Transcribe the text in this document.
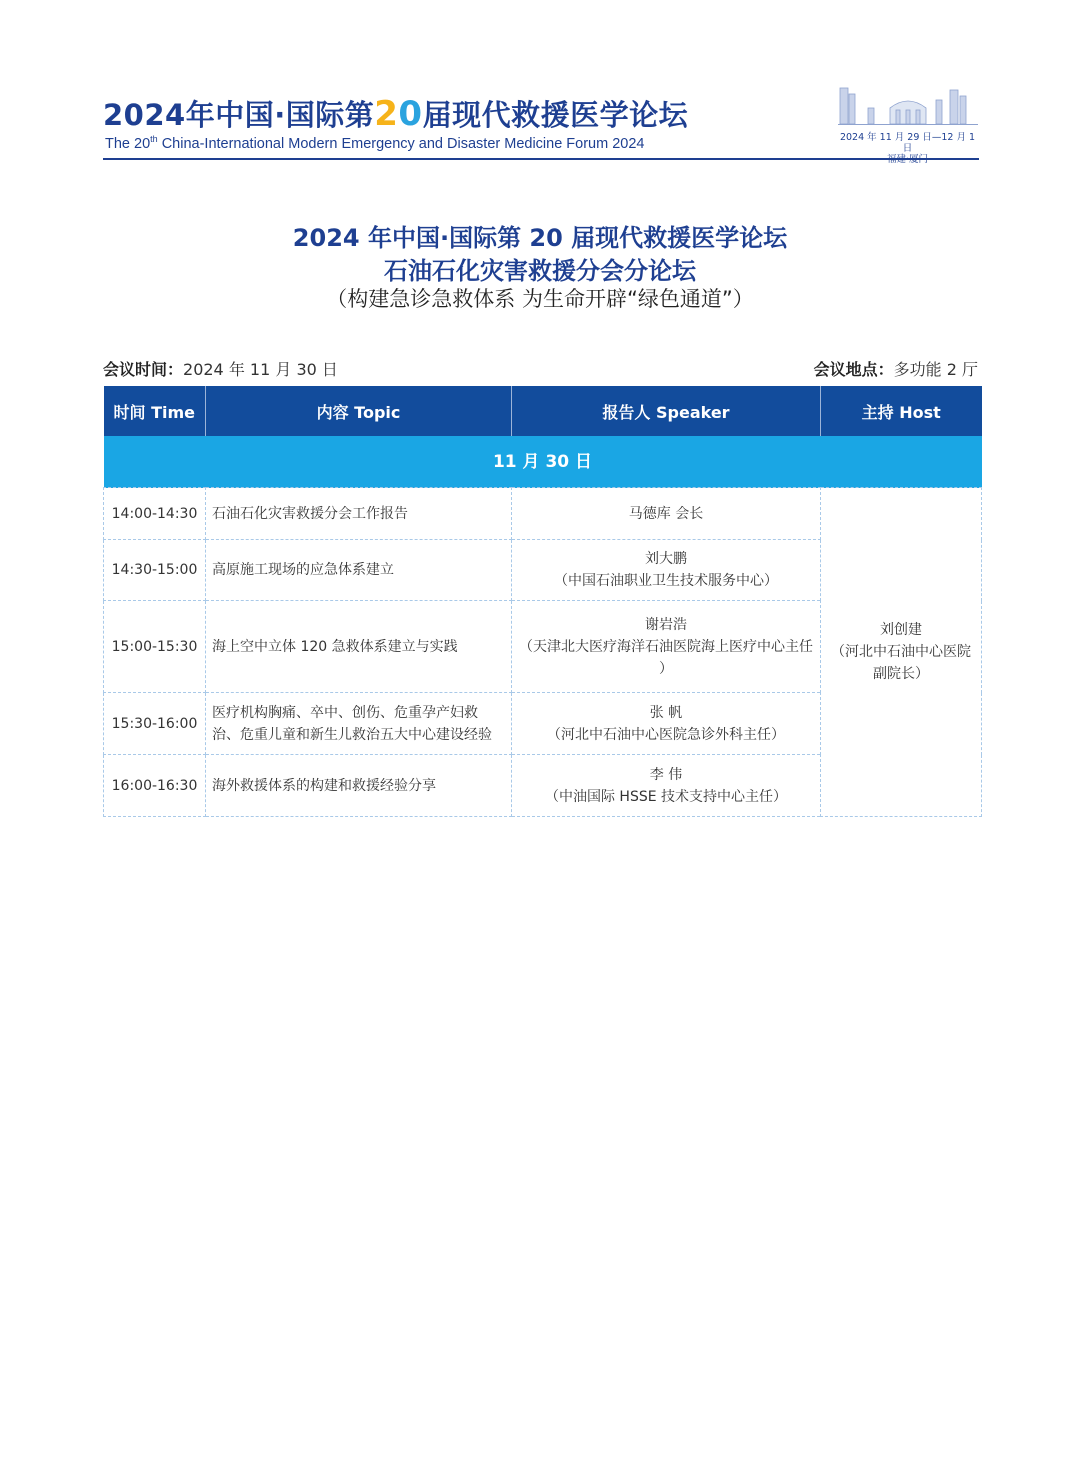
2024年中国·国际第20届现代救援医学论坛
The 20th China-International Modern Emergency and Disaster Medicine Forum 2024	2024 年 11 月 29 日—12 月 1 日
2024 年中国·国际第 20 届现代救援医学论坛
石油石化灾害救援分会分论坛
（构建急诊急救体系 为生命开辟“绿色通道”）
会议时间：2024 年 11 月 30 日	会议地点：多功能 2 厅
时间 Time	内容 Topic	报告人 Speaker	主持 Host
11 月 30 日			
14:00-14:30	石油石化灾害救援分会工作报告	马德库 会长	刘创建
（河北中石油中心医院
副院长）

14:30-15:00	高原施工现场的应急体系建立	刘大鹏
（中国石油职业卫生技术服务中心）	

15:00-15:30	海上空中立体 120 急救体系建立与实践	谢岩浩
（天津北大医疗海洋石油医院海上医疗中心主任 ）	

15:30-16:00	医疗机构胸痛、卒中、创伤、危重孕产妇救治、危重儿童和新生儿救治五大中心建设经验	张 帆
（河北中石油中心医院急诊外科主任）	

16:00-16:30	海外救援体系的构建和救援经验分享	李 伟
（中油国际 HSSE 技术支持中心主任）	
